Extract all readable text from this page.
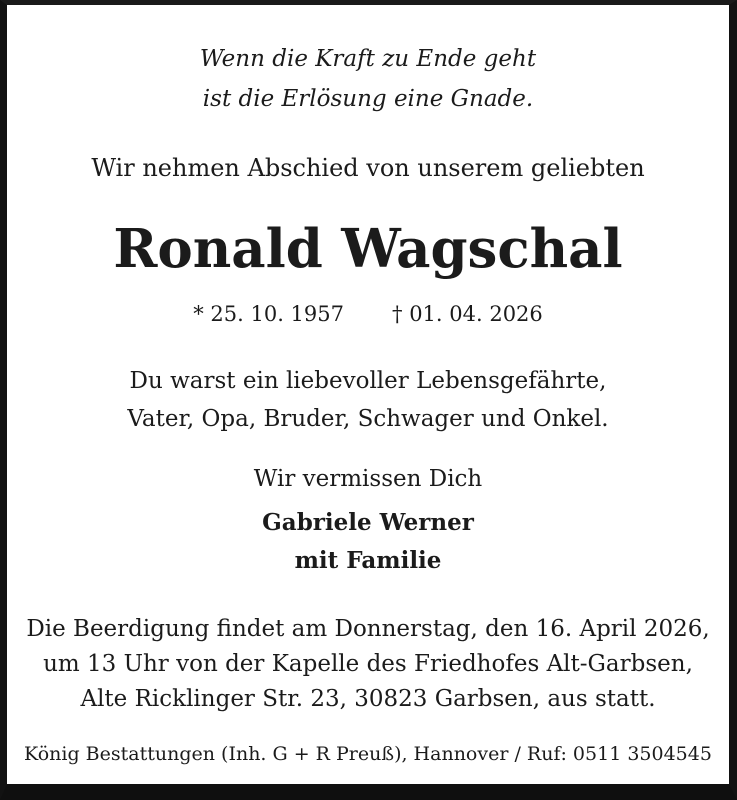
Wenn die Kraft zu Ende geht
ist die Erlösung eine Gnade.
Wir nehmen Abschied von unserem geliebten
Ronald Wagschal
* 25. 10. 1957 † 01. 04. 2026
Du warst ein liebevoller Lebensgefährte,
Vater, Opa, Bruder, Schwager und Onkel.
Wir vermissen Dich
Gabriele Werner
mit Familie
Die Beerdigung findet am Donnerstag, den 16. April 2026,
um 13 Uhr von der Kapelle des Friedhofes Alt-Garbsen,
Alte Ricklinger Str. 23, 30823 Garbsen, aus statt.
König Bestattungen (Inh. G + R Preuß), Hannover / Ruf: 0511 3504545
